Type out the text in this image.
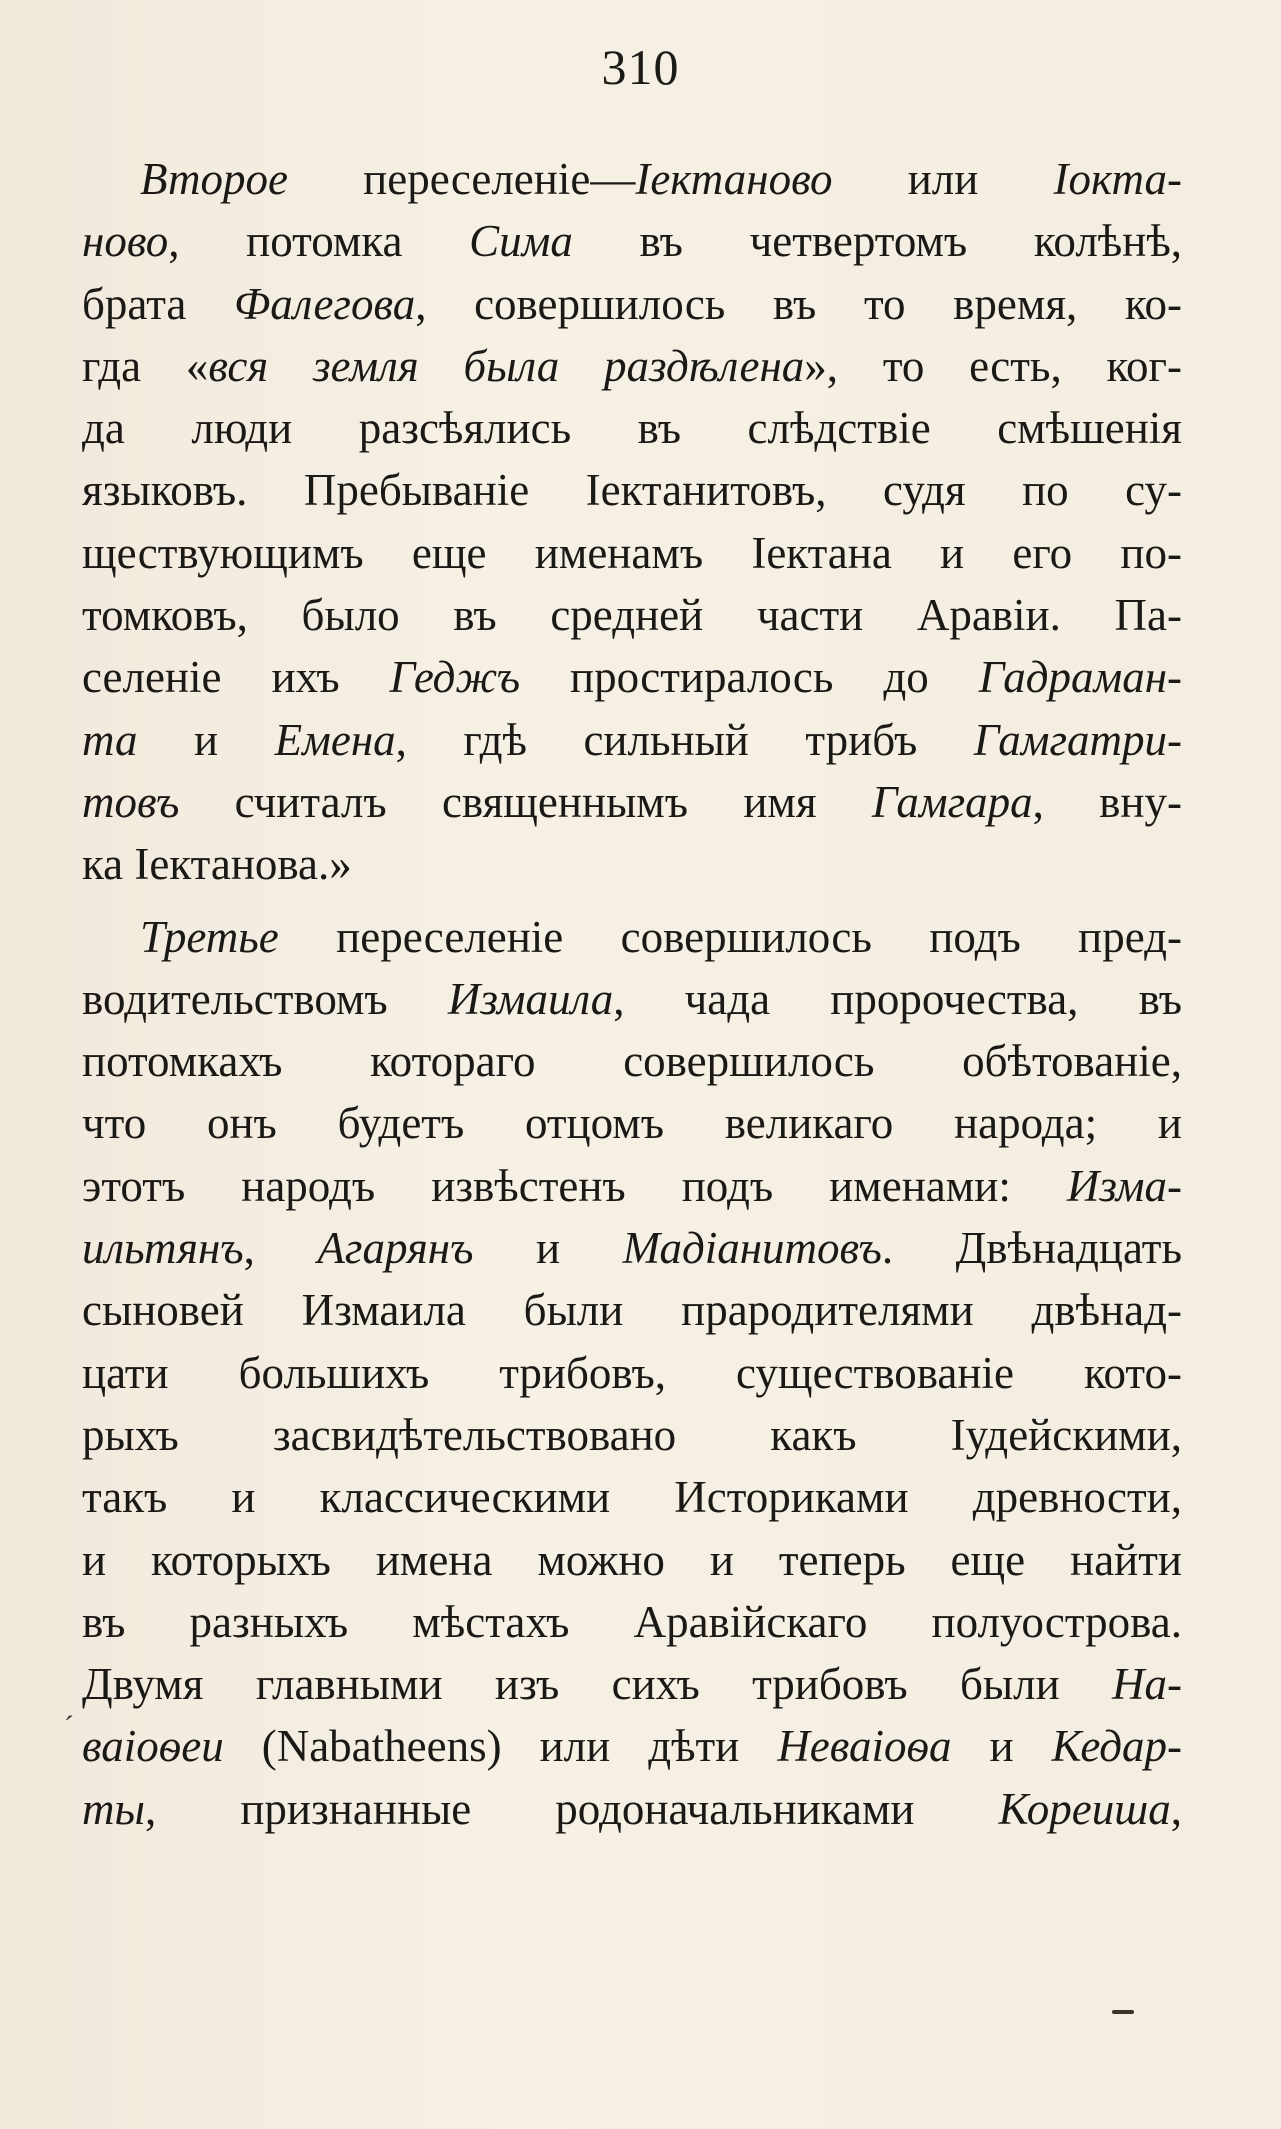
310
Второе переселеніе—Іектаново или Іокта-
ново, потомка Сима въ четвертомъ колѣнѣ,
брата Фалегова, совершилось въ то время, ко-
гда «вся земля была раздѣлена», то есть, ког-
да люди разсѣялись въ слѣдствіе смѣшенія
языковъ. Пребываніе Іектанитовъ, судя по су-
ществующимъ еще именамъ Іектана и его по-
томковъ, было въ средней части Аравіи. Па-
селеніе ихъ Геджъ простиралось до Гадраман-
та и Емена, гдѣ сильный трибъ Гамгатри-
товъ считалъ священнымъ имя Гамгара, вну-
ка Іектанова.»
Третье переселеніе совершилось подъ пред-
водительствомъ Измаила, чада пророчества, въ
потомкахъ котораго совершилось обѣтованіе,
что онъ будетъ отцомъ великаго народа; и
этотъ народъ извѣстенъ подъ именами: Изма-
ильтянъ, Агарянъ и Мадіанитовъ. Двѣнадцать
сыновей Измаила были прародителями двѣнад-
цати большихъ трибовъ, существованіе кото-
рыхъ засвидѣтельствовано какъ Іудейскими,
такъ и классическими Историками древности,
и которыхъ имена можно и теперь еще найти
въ разныхъ мѣстахъ Аравійскаго полуострова.
Двумя главными изъ сихъ трибовъ были На-
ваіоѳеи (Nabatheens) или дѣти Неваіоѳа и Кедар-
ты, признанные родоначальниками Кореиша,
ˊ
